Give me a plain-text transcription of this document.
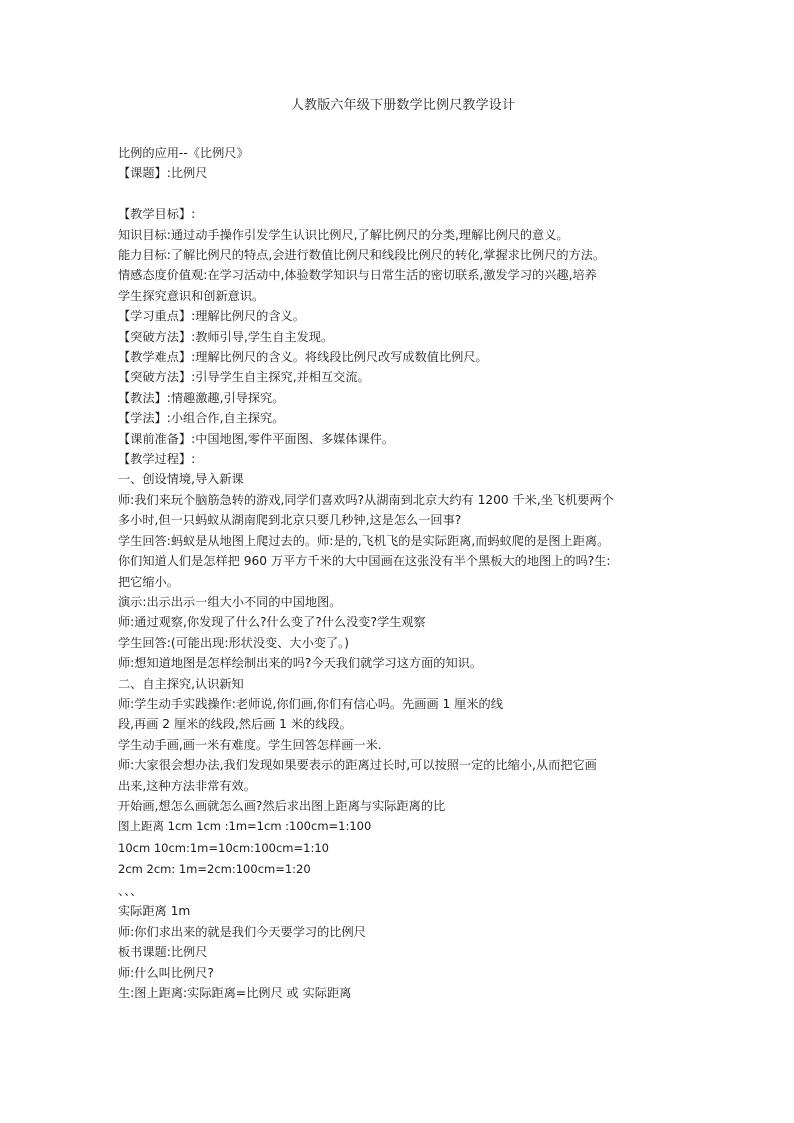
人教版六年级下册数学比例尺教学设计
比例的应用--《比例尺》
【课题】:比例尺
【教学目标】:
知识目标:通过动手操作引发学生认识比例尺,了解比例尺的分类,理解比例尺的意义。
能力目标:了解比例尺的特点,会进行数值比例尺和线段比例尺的转化,掌握求比例尺的方法。
情感态度价值观:在学习活动中,体验数学知识与日常生活的密切联系,激发学习的兴趣,培养
学生探究意识和创新意识。
【学习重点】:理解比例尺的含义。
【突破方法】:教师引导,学生自主发现。
【教学难点】:理解比例尺的含义。将线段比例尺改写成数值比例尺。
【突破方法】:引导学生自主探究,并相互交流。
【教法】:情趣激趣,引导探究。
【学法】:小组合作,自主探究。
【课前准备】:中国地图,零件平面图、多媒体课件。
【教学过程】:
一、创设情境,导入新课
师:我们来玩个脑筋急转的游戏,同学们喜欢吗?从湖南到北京大约有 1200 千米,坐飞机要两个
多小时,但一只蚂蚁从湖南爬到北京只要几秒钟,这是怎么一回事?
学生回答:蚂蚁是从地图上爬过去的。师:是的,飞机飞的是实际距离,而蚂蚁爬的是图上距离。
你们知道人们是怎样把 960 万平方千米的大中国画在这张没有半个黑板大的地图上的吗?生:
把它缩小。
演示:出示出示一组大小不同的中国地图。
师:通过观察,你发现了什么?什么变了?什么没变?学生观察
学生回答:(可能出现:形状没变、大小变了。)
师:想知道地图是怎样绘制出来的吗?今天我们就学习这方面的知识。
二、自主探究,认识新知
师:学生动手实践操作:老师说,你们画,你们有信心吗。先画画 1 厘米的线
段,再画 2 厘米的线段,然后画 1 米的线段。
学生动手画,画一米有难度。学生回答怎样画一米.
师:大家很会想办法,我们发现如果要表示的距离过长时,可以按照一定的比缩小,从而把它画
出来,这种方法非常有效。
开始画,想怎么画就怎么画?然后求出图上距离与实际距离的比
图上距离 1cm 1cm :1m=1cm :100cm=1:100
10cm 10cm:1m=10cm:100cm=1:10
2cm 2cm: 1m=2cm:100cm=1:20
、、、
实际距离 1m
师:你们求出来的就是我们今天要学习的比例尺
板书课题:比例尺
师:什么叫比例尺?
生:图上距离:实际距离=比例尺 或 实际距离
